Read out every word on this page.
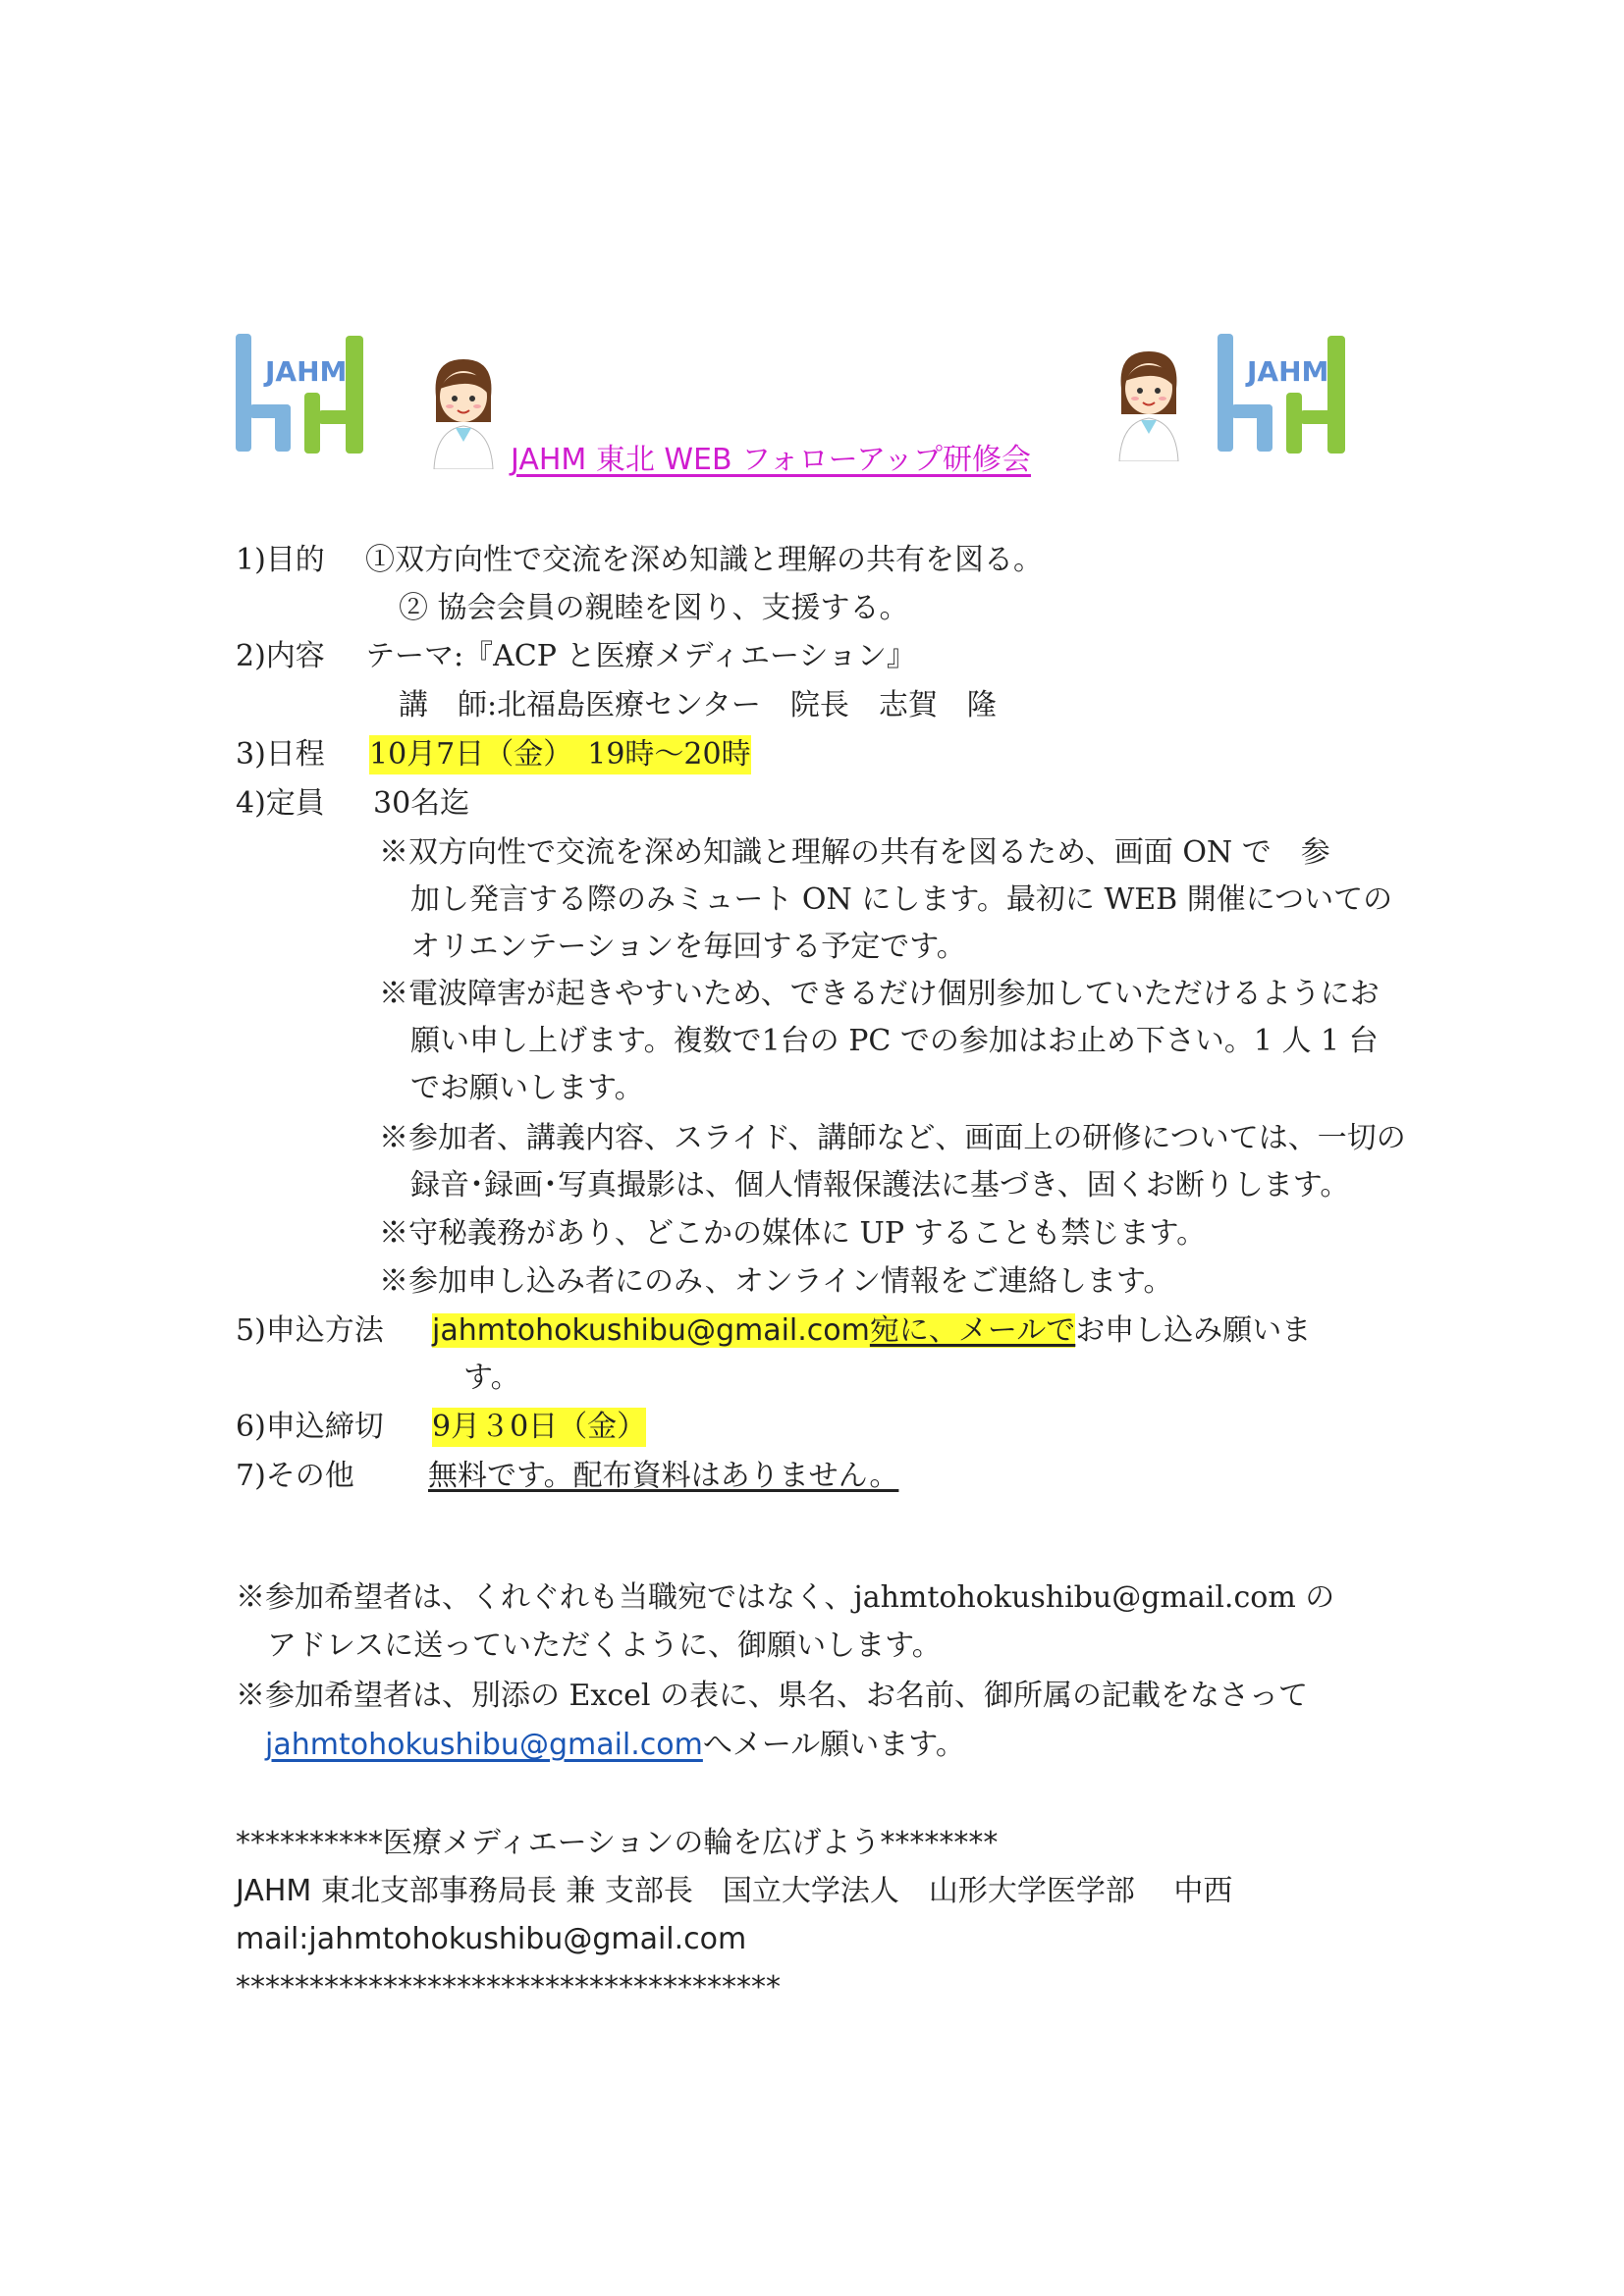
JAHM	JAHM
JAHM 東北 WEB フォローアップ研修会
1)目的 ①双方向性で交流を深め知識と理解の共有を図る。
② 協会会員の親睦を図り、支援する。
2)内容 テーマ:『ACP と医療メディエーション』
講　師:北福島医療センター　院長　志賀　隆
3)日程 10月7日（金）　19時～20時
4)定員 30名迄
※双方向性で交流を深め知識と理解の共有を図るため、画面 ON で　参
加し発言する際のみミュート ON にします。最初に WEB 開催についての
オリエンテーションを毎回する予定です。
※電波障害が起きやすいため、できるだけ個別参加していただけるようにお
願い申し上げます。複数で1台の PC での参加はお止め下さい。1 人 1 台
でお願いします。
※参加者、講義内容、スライド、講師など、画面上の研修については、一切の
録音･録画･写真撮影は、個人情報保護法に基づき、固くお断りします。
※守秘義務があり、どこかの媒体に UP することも禁じます。
※参加申し込み者にのみ、オンライン情報をご連絡します。
5)申込方法 jahmtohokushibu@gmail.com宛に、メールでお申し込み願いま
す。
6)申込締切 9月３0日（金）
7)その他	無料です。配布資料はありません。
※参加希望者は、くれぐれも当職宛ではなく、jahmtohokushibu@gmail.com の
アドレスに送っていただくように、御願いします。
※参加希望者は、別添の Excel の表に、県名、お名前、御所属の記載をなさって
jahmtohokushibu@gmail.comへメール願います。
**********医療メディエーションの輪を広げよう********
JAHM 東北支部事務局長 兼 支部長　国立大学法人　山形大学医学部　 中西
mail:jahmtohokushibu@gmail.com
*************************************
